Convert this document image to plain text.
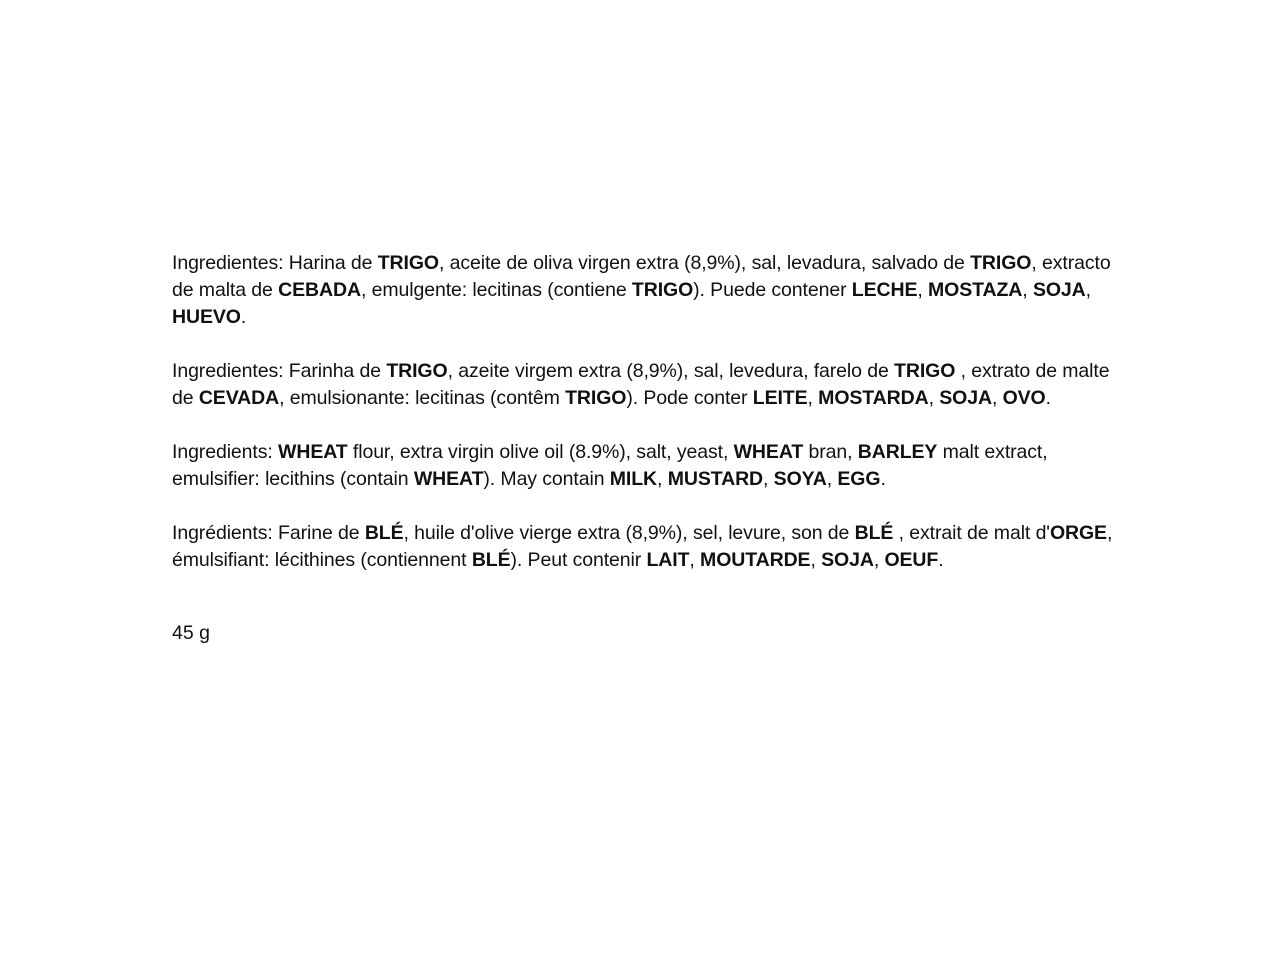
Ingredientes: Harina de TRIGO, aceite de oliva virgen extra (8,9%), sal, levadura, salvado de TRIGO, extracto de malta de CEBADA, emulgente: lecitinas (contiene TRIGO). Puede contener LECHE, MOSTAZA, SOJA, HUEVO.

Ingredientes: Farinha de TRIGO, azeite virgem extra (8,9%), sal, levedura, farelo de TRIGO , extrato de malte de CEVADA, emulsionante: lecitinas (contêm TRIGO). Pode conter LEITE, MOSTARDA, SOJA, OVO.

Ingredients: WHEAT flour, extra virgin olive oil (8.9%), salt, yeast, WHEAT bran, BARLEY malt extract, emulsifier: lecithins (contain WHEAT). May contain MILK, MUSTARD, SOYA, EGG.

Ingrédients: Farine de BLÉ, huile d'olive vierge extra (8,9%), sel, levure, son de BLÉ , extrait de malt d'ORGE, émulsifiant: lécithines (contiennent BLÉ). Peut contenir LAIT, MOUTARDE, SOJA, OEUF.

45 g
